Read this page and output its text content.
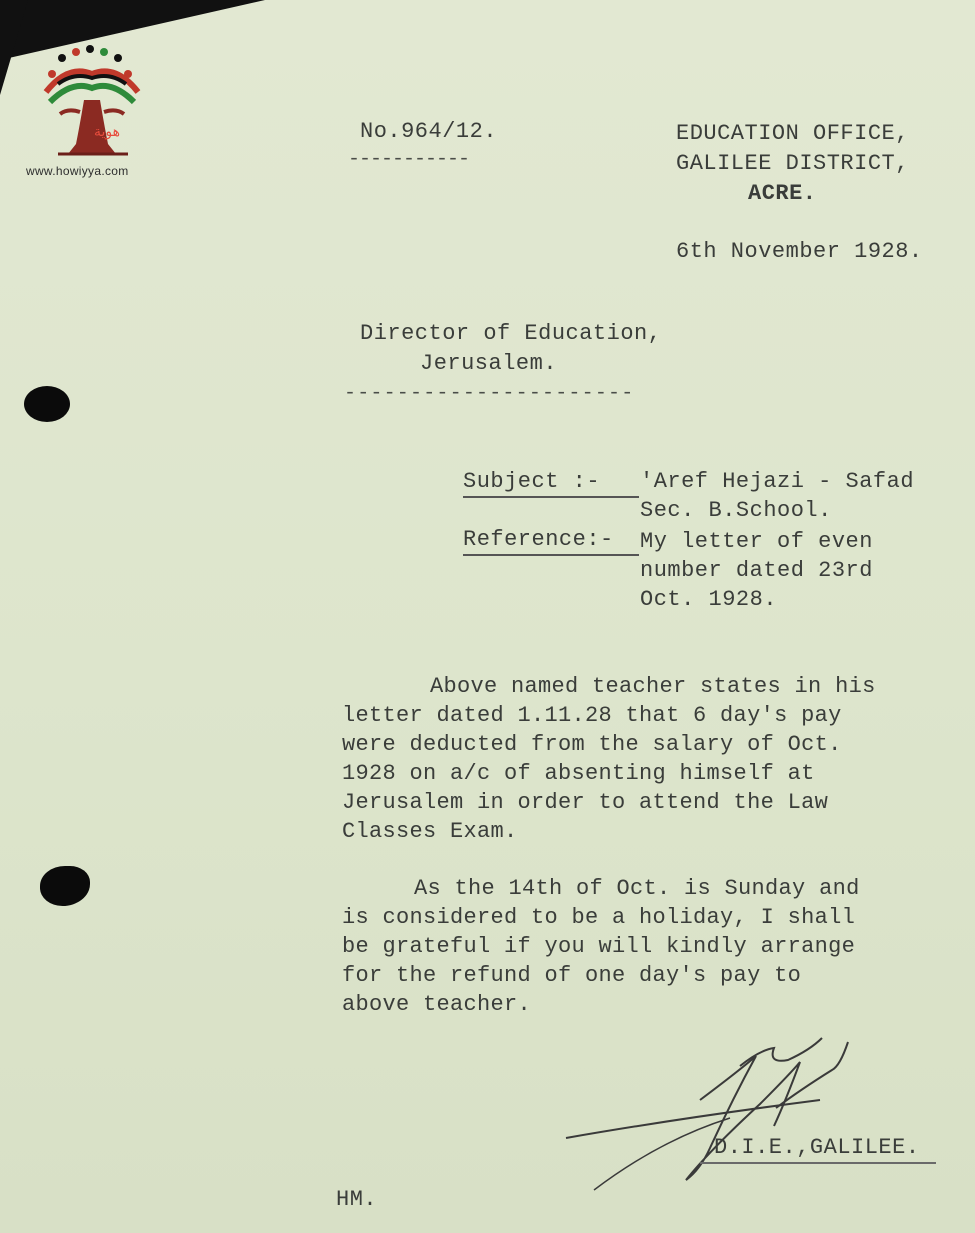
هوية
www.howiyya.com
No.964/12.
-----------
EDUCATION OFFICE,
GALILEE DISTRICT,
ACRE.
6th November 1928.
Director of Education,
Jerusalem.
----------------------
Subject :- 'Aref Hejazi - Safad
Sec. B.School.
Reference:- My letter of even
number dated 23rd
Oct. 1928.
Above named teacher states in his
letter dated 1.11.28 that 6 day's pay
were deducted from the salary of Oct.
1928 on a/c of absenting himself at
Jerusalem in order to attend the Law
Classes Exam.
As the 14th of Oct. is Sunday and
is considered to be a holiday, I shall
be grateful if you will kindly arrange
for the refund of one day's pay to
above teacher.
D.I.E.,GALILEE.
HM.
